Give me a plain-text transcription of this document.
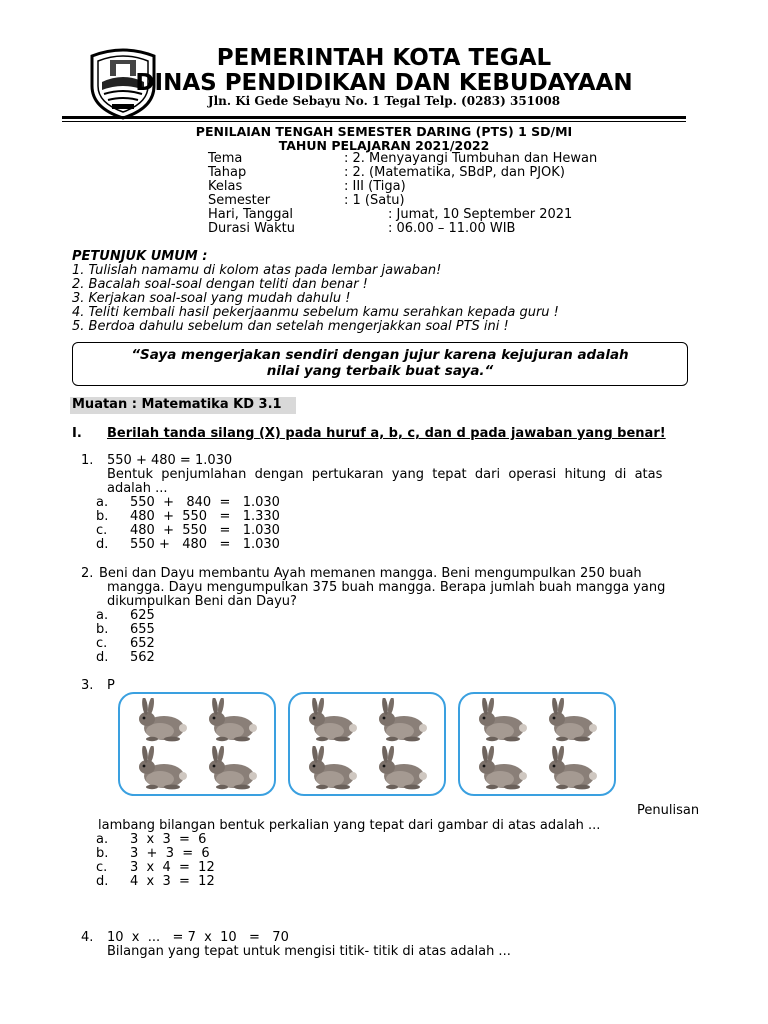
PEMERINTAH KOTA TEGAL
DINAS PENDIDIKAN DAN KEBUDAYAAN
Jln. Ki Gede Sebayu No. 1 Tegal Telp. (0283) 351008
PENILAIAN TENGAH SEMESTER DARING (PTS) 1 SD/MI
TAHUN PELAJARAN 2021/2022
Tema	: 2. Menyayangi Tumbuhan dan Hewan
Tahap	: 2. (Matematika, SBdP, dan PJOK)
Kelas	: III (Tiga)
Semester	: 1 (Satu)
Hari, Tanggal	: Jumat, 10 September 2021
Durasi Waktu	: 06.00 – 11.00 WIB
PETUNJUK UMUM :
1. Tulislah namamu di kolom atas pada lembar jawaban!
2. Bacalah soal-soal dengan teliti dan benar !
3. Kerjakan soal-soal yang mudah dahulu !
4. Teliti kembali hasil pekerjaanmu sebelum kamu serahkan kepada guru !
5. Berdoa dahulu sebelum dan setelah mengerjakkan soal PTS ini !
“Saya mengerjakan sendiri dengan jujur karena kejujuran adalah
nilai yang terbaik buat saya.“
Muatan : Matematika KD 3.1
I. Berilah tanda silang (X) pada huruf a, b, c, dan d pada jawaban yang benar!
1. 550 + 480 = 1.030
Bentuk  penjumlahan  dengan  pertukaran  yang  tepat  dari  operasi  hitung  di  atas
adalah ...
a. 550  +   840  =   1.030
b. 480  +  550   =   1.330
c. 480  +  550   =   1.030
d. 550 +   480   =   1.030
2. Beni dan Dayu membantu Ayah memanen mangga. Beni mengumpulkan 250 buah
mangga. Dayu mengumpulkan 375 buah mangga. Berapa jumlah buah mangga yang
dikumpulkan Beni dan Dayu?
a. 625
b. 655
c. 652
d. 562
3. P
Penulisan
lambang bilangan bentuk perkalian yang tepat dari gambar di atas adalah ...
a. 3  x  3  =  6
b. 3  +  3  =  6
c. 3  x  4  =  12
d. 4  x  3  =  12
4. 10  x  ...   = 7  x  10   =   70
Bilangan yang tepat untuk mengisi titik- titik di atas adalah ...
